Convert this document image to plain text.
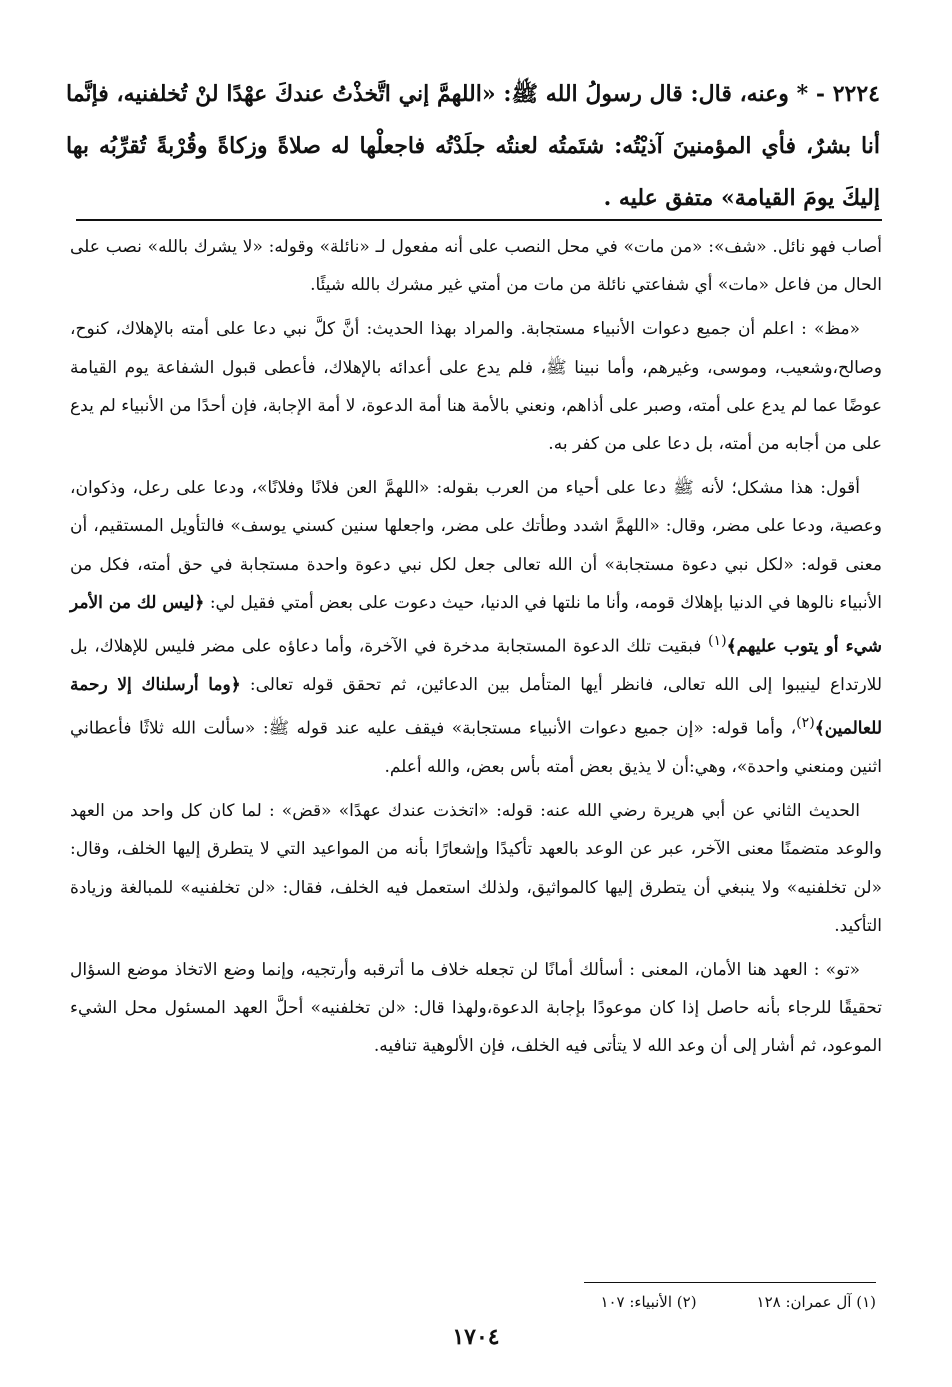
٢٢٢٤ - * وعنه، قال: قال رسولُ الله ﷺ: «اللهمَّ إني اتَّخذْتُ عندكَ عهْدًا لنْ تُخلفنيه، فإنَّما أنا بشرٌ، فأي المؤمنينَ آذيْتُه: شتَمتُه لعنتُه جلَدْتُه فاجعلْها له صلاةً وزكاةً وقُرْبةً تُقرِّبُه بها إليكَ يومَ القيامة» متفق عليه .

أصاب فهو نائل. «شف»: «من مات» في محل النصب على أنه مفعول لـ «نائلة» وقوله: «لا يشرك بالله» نصب على الحال من فاعل «مات» أي شفاعتي نائلة من مات من أمتي غير مشرك بالله شيئًا.

«مظ» : اعلم أن جميع دعوات الأنبياء مستجابة. والمراد بهذا الحديث: أنَّ كلَّ نبي دعا على أمته بالإهلاك، كنوح، وصالح،وشعيب، وموسى، وغيرهم، وأما نبينا ﷺ، فلم يدع على أعدائه بالإهلاك، فأعطى قبول الشفاعة يوم القيامة عوضًا عما لم يدع على أمته، وصبر على أذاهم، ونعني بالأمة هنا أمة الدعوة، لا أمة الإجابة، فإن أحدًا من الأنبياء لم يدع على من أجابه من أمته، بل دعا على من كفر به.

أقول: هذا مشكل؛ لأنه ﷺ دعا على أحياء من العرب بقوله: «اللهمَّ العن فلانًا وفلانًا»، ودعا على رعل، وذكوان، وعصية، ودعا على مضر، وقال: «اللهمَّ اشدد وطأتك على مضر، واجعلها سنين كسني يوسف» فالتأويل المستقيم، أن معنى قوله: «لكل نبي دعوة مستجابة» أن الله تعالى جعل لكل نبي دعوة واحدة مستجابة في حق أمته، فكل من الأنبياء نالوها في الدنيا بإهلاك قومه، وأنا ما نلتها في الدنيا، حيث دعوت على بعض أمتي فقيل لي: ﴿ليس لك من الأمر شيء أو يتوب عليهم﴾$^{(١)}$ فبقيت تلك الدعوة المستجابة مدخرة في الآخرة، وأما دعاؤه على مضر فليس للإهلاك، بل للارتداع لينيبوا إلى الله تعالى، فانظر أيها المتأمل بين الدعائين، ثم تحقق قوله تعالى: ﴿وما أرسلناك إلا رحمة للعالمين﴾$^{(٢)}$، وأما قوله: «إن جميع دعوات الأنبياء مستجابة» فيقف عليه عند قوله ﷺ: «سألت الله ثلاثًا فأعطاني اثنين ومنعني واحدة»، وهي:أن لا يذيق بعض أمته بأس بعض، والله أعلم.

الحديث الثاني عن أبي هريرة رضي الله عنه: قوله: «اتخذت عندك عهدًا» «قض» : لما كان كل واحد من العهد والوعد متضمنًا معنى الآخر، عبر عن الوعد بالعهد تأكيدًا وإشعارًا بأنه من المواعيد التي لا يتطرق إليها الخلف، وقال: «لن تخلفنيه» ولا ينبغي أن يتطرق إليها كالمواثيق، ولذلك استعمل فيه الخلف، فقال: «لن تخلفنيه» للمبالغة وزيادة التأكيد.

«تو» : العهد هنا الأمان، المعنى : أسألك أمانًا لن تجعله خلاف ما أترقبه وأرتجيه، وإنما وضع الاتخاذ موضع السؤال تحقيقًا للرجاء بأنه حاصل إذا كان موعودًا بإجابة الدعوة،ولهذا قال: «لن تخلفنيه» أحلَّ العهد المسئول محل الشيء الموعود، ثم أشار إلى أن وعد الله لا يتأتى فيه الخلف، فإن الألوهية تنافيه.

(١) آل عمران: ١٢٨
(٢) الأنبياء: ١٠٧
١٧٠٤
